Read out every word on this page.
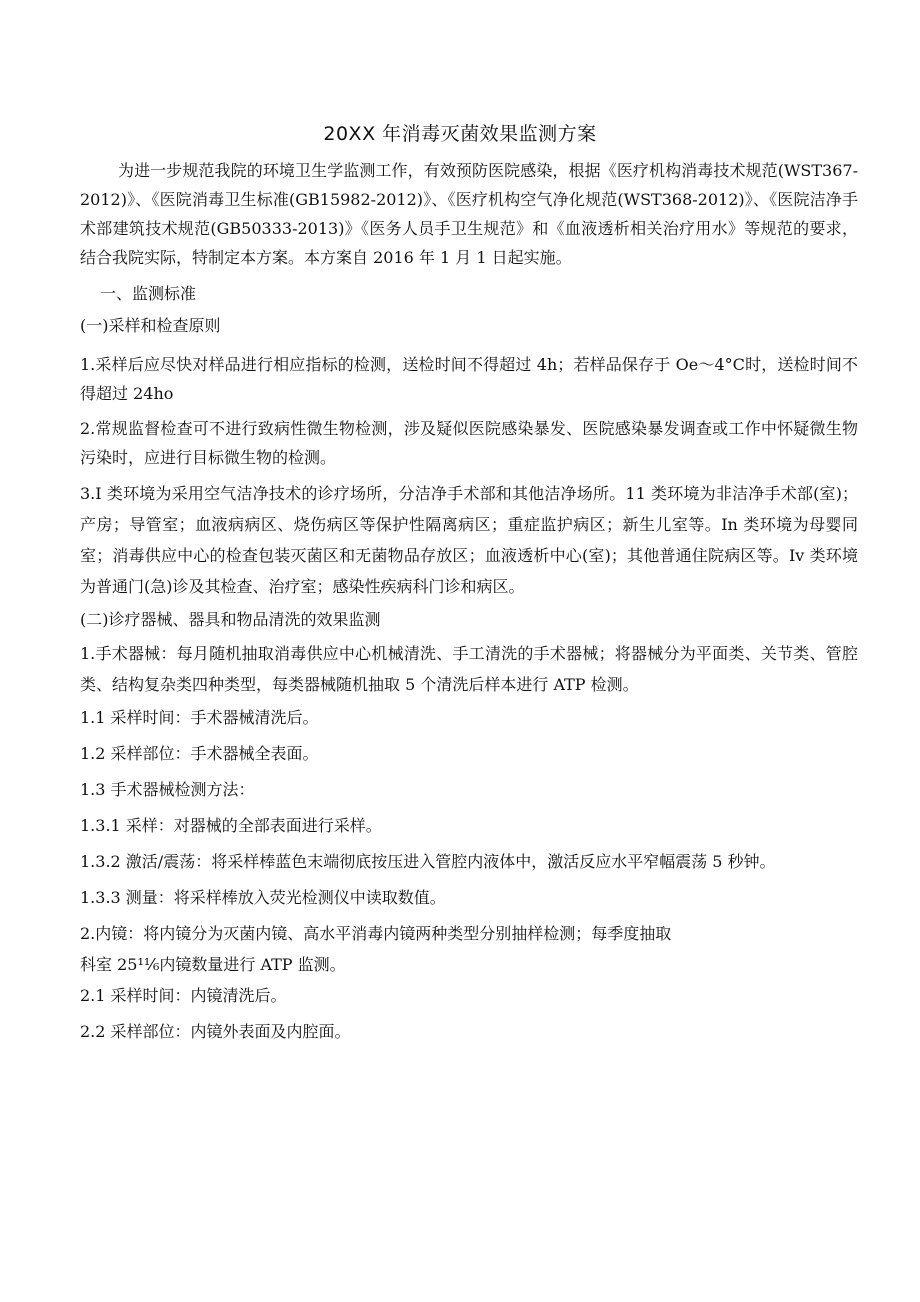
20XX 年消毒灭菌效果监测方案

为进一步规范我院的环境卫生学监测工作，有效预防医院感染，根据《医疗机构消毒技术规范(WST367-2012)》、《医院消毒卫生标准(GB15982-2012)》、《医疗机构空气净化规范(WST368-2012)》、《医院洁净手术部建筑技术规范(GB50333-2013)》《医务人员手卫生规范》和《血液透析相关治疗用水》等规范的要求，结合我院实际，特制定本方案。本方案自 2016 年 1 月 1 日起实施。

一、监测标准

(一)采样和检查原则

1.采样后应尽快对样品进行相应指标的检测，送检时间不得超过 4h；若样品保存于 Oe～4°C时，送检时间不得超过 24ho

2.常规监督检查可不进行致病性微生物检测，涉及疑似医院感染暴发、医院感染暴发调查或工作中怀疑微生物污染时，应进行目标微生物的检测。

3.I 类环境为采用空气洁净技术的诊疗场所，分洁净手术部和其他洁净场所。11 类环境为非洁净手术部(室)；产房；导管室；血液病病区、烧伤病区等保护性隔离病区；重症监护病区；新生儿室等。In 类环境为母婴同室；消毒供应中心的检查包装灭菌区和无菌物品存放区；血液透析中心(室)；其他普通住院病区等。Iv 类环境为普通门(急)诊及其检查、治疗室；感染性疾病科门诊和病区。

(二)诊疗器械、器具和物品清洗的效果监测

1.手术器械：每月随机抽取消毒供应中心机械清洗、手工清洗的手术器械；将器械分为平面类、关节类、管腔类、结构复杂类四种类型，每类器械随机抽取 5 个清洗后样本进行 ATP 检测。

1.1 采样时间：手术器械清洗后。

1.2 采样部位：手术器械全表面。

1.3 手术器械检测方法：

1.3.1 采样：对器械的全部表面进行采样。

1.3.2 激活/震荡：将采样棒蓝色末端彻底按压进入管腔内液体中，激活反应水平窄幅震荡 5 秒钟。

1.3.3 测量：将采样棒放入荧光检测仪中读取数值。

2.内镜：将内镜分为灭菌内镜、高水平消毒内镜两种类型分别抽样检测；每季度抽取

科室 25¹¹⁄₆内镜数量进行 ATP 监测。

2.1 采样时间：内镜清洗后。

2.2 采样部位：内镜外表面及内腔面。
